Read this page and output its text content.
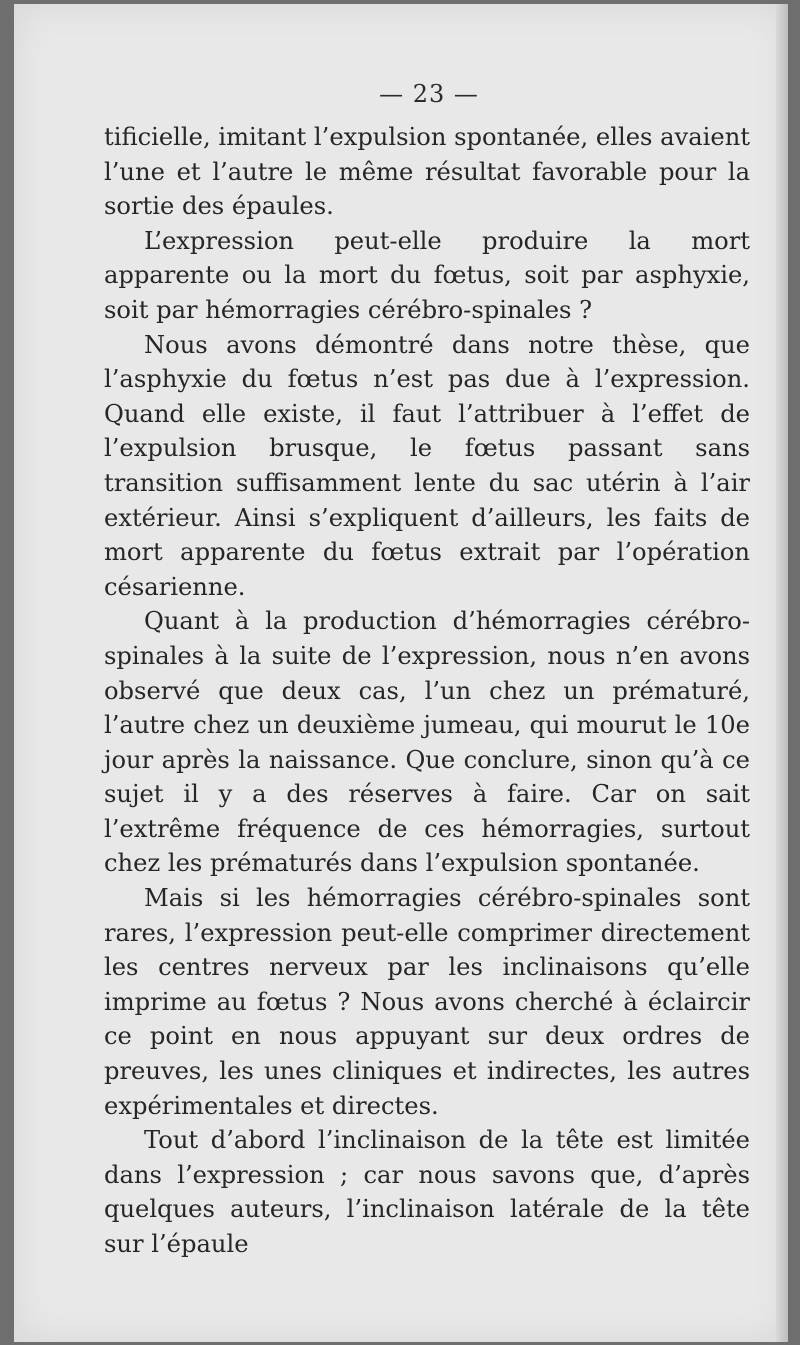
— 23 —

tificielle, imitant l’expulsion spontanée, elles avaient l’une et l’autre le même résultat favorable pour la sortie des épaules.

L’expression peut-elle produire la mort apparente ou la mort du fœtus, soit par asphyxie, soit par hémorragies cérébro-spinales ?

Nous avons démontré dans notre thèse, que l’asphyxie du fœtus n’est pas due à l’expression. Quand elle existe, il faut l’attribuer à l’effet de l’expulsion brusque, le fœtus passant sans transition suffisamment lente du sac utérin à l’air extérieur. Ainsi s’expliquent d’ailleurs, les faits de mort apparente du fœtus extrait par l’opération césarienne.

Quant à la production d’hémorragies cérébro-spinales à la suite de l’expression, nous n’en avons observé que deux cas, l’un chez un prématuré, l’autre chez un deuxième jumeau, qui mourut le 10e jour après la naissance. Que conclure, sinon qu’à ce sujet il y a des réserves à faire. Car on sait l’extrême fréquence de ces hémorragies, surtout chez les prématurés dans l’expulsion spontanée.

Mais si les hémorragies cérébro-spinales sont rares, l’expression peut-elle comprimer directement les centres nerveux par les inclinaisons qu’elle imprime au fœtus ? Nous avons cherché à éclaircir ce point en nous appuyant sur deux ordres de preuves, les unes cliniques et indirectes, les autres expérimentales et directes.

Tout d’abord l’inclinaison de la tête est limitée dans l’expression ; car nous savons que, d’après quelques auteurs, l’inclinaison latérale de la tête sur l’épaule
